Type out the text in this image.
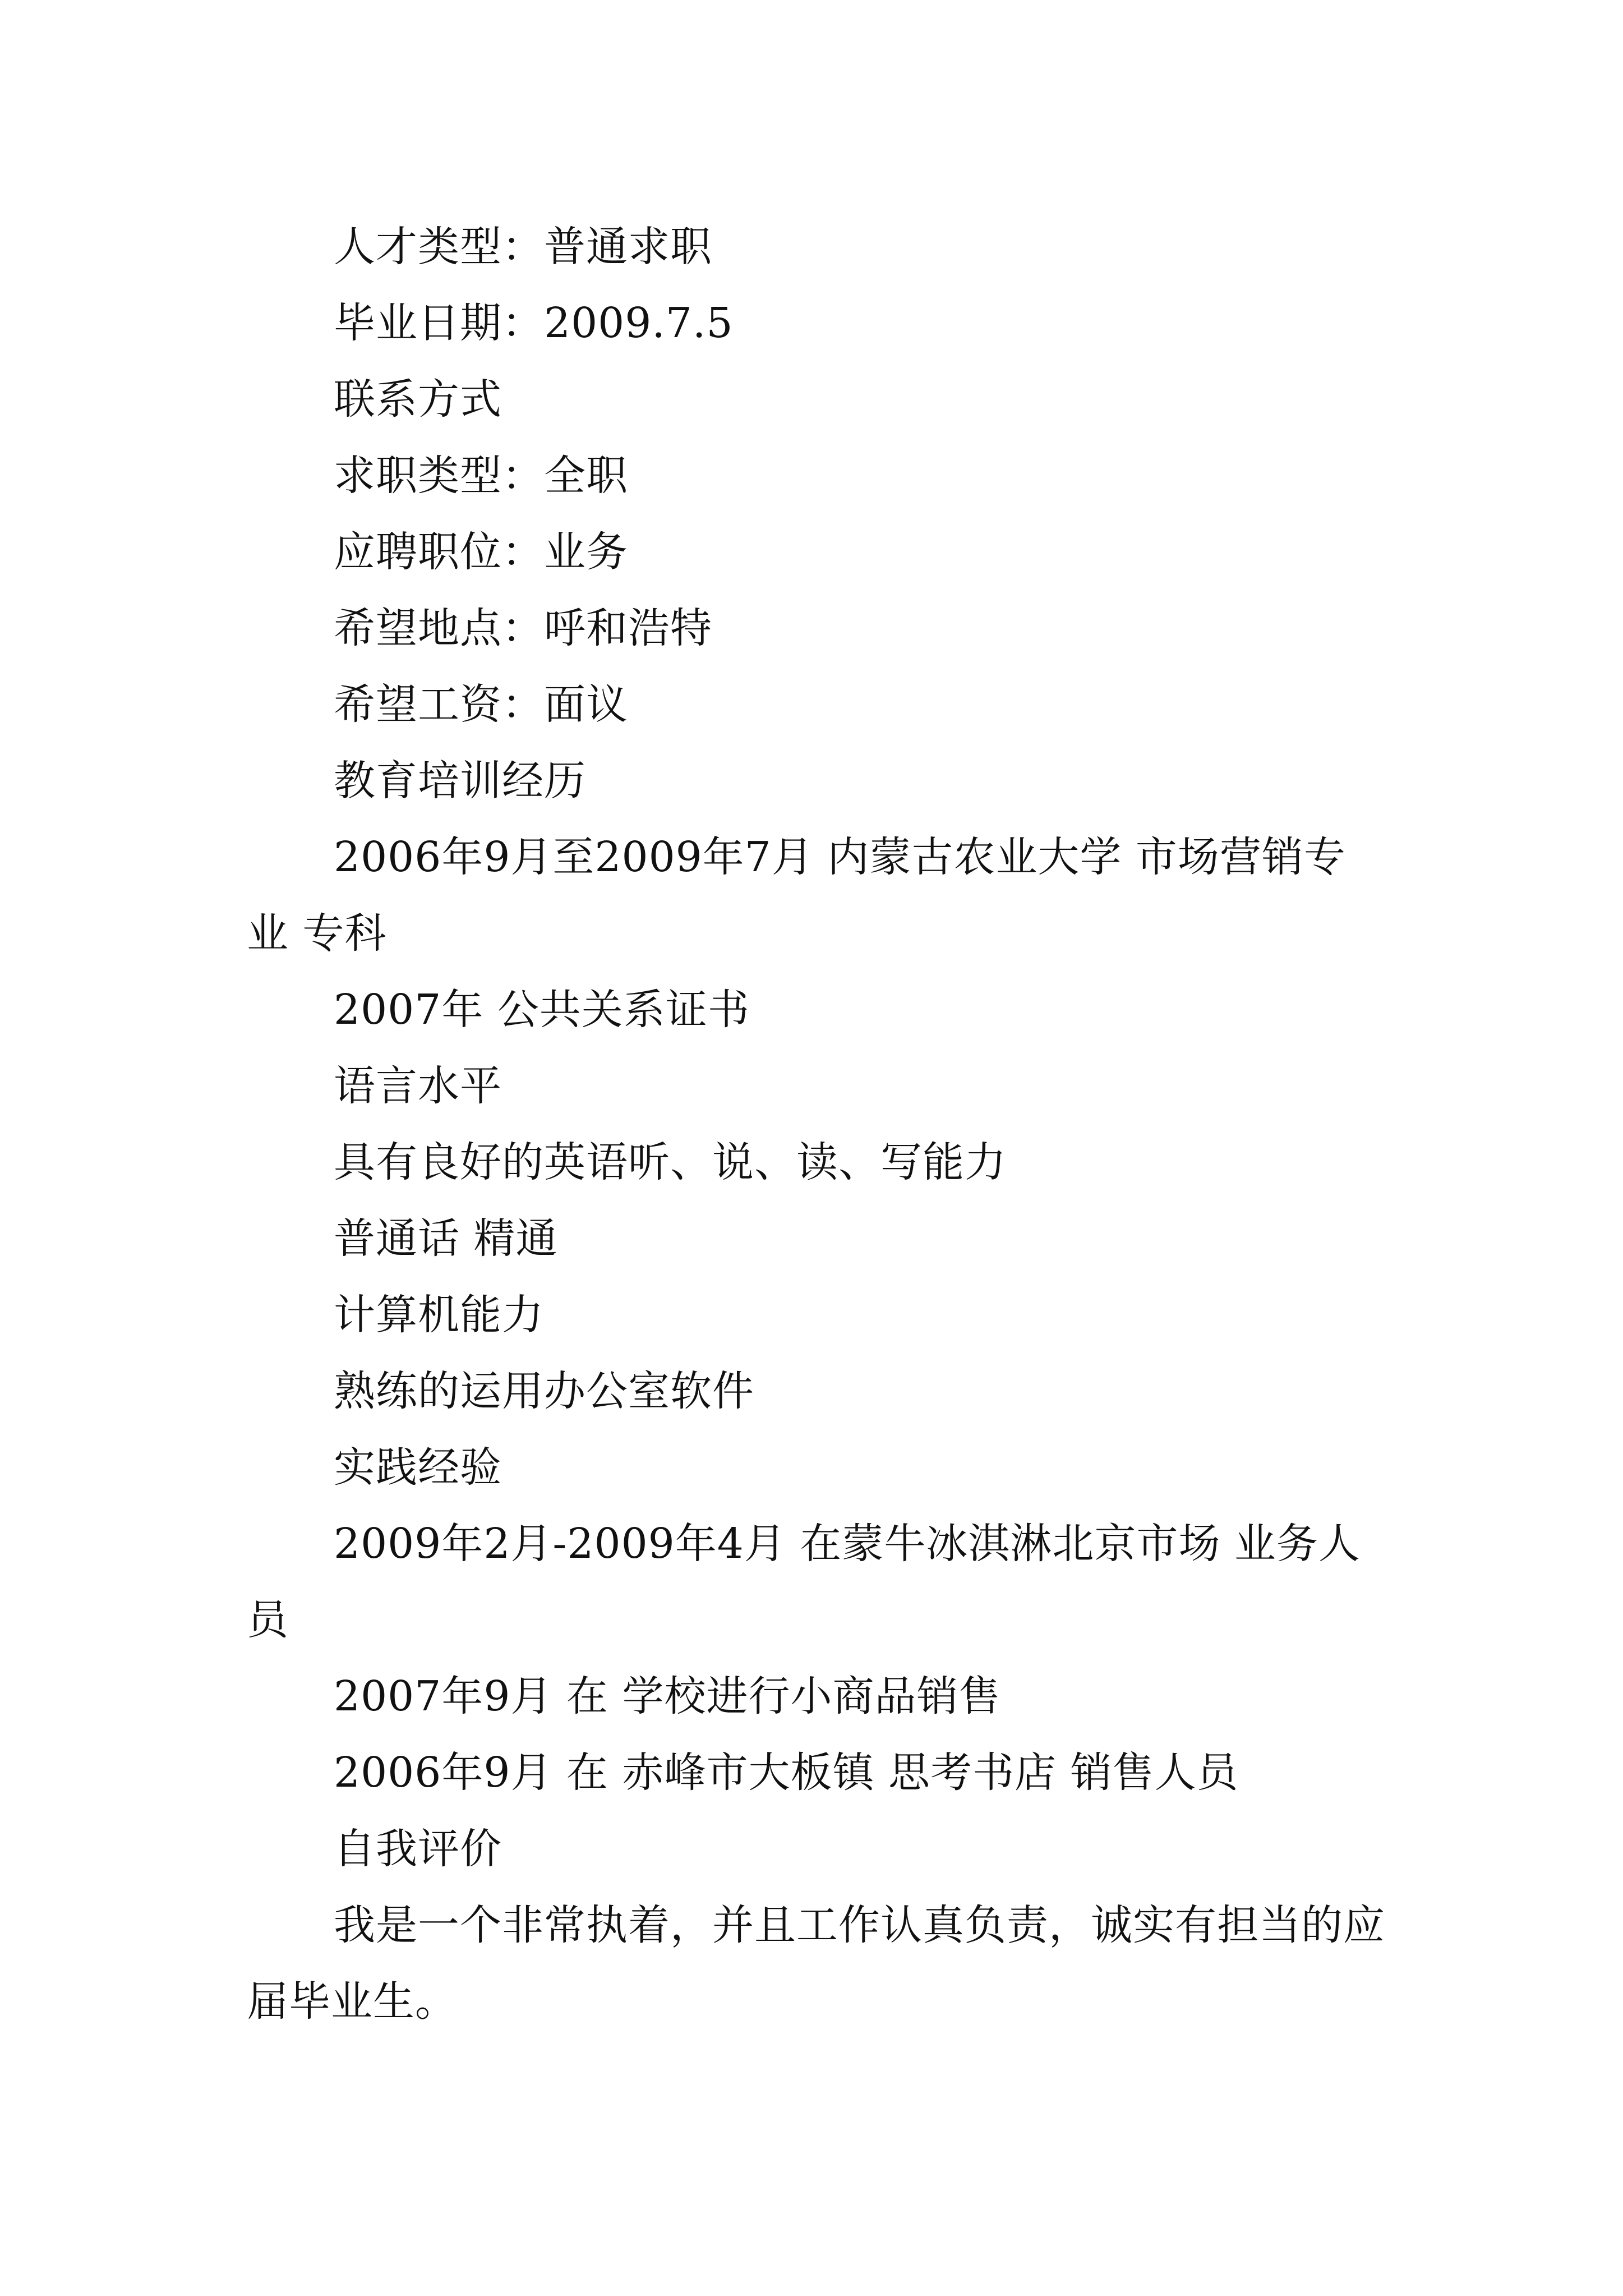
人才类型：普通求职

毕业日期：2009.7.5

联系方式

求职类型：全职

应聘职位：业务

希望地点：呼和浩特

希望工资：面议

教育培训经历

2006年9月至2009年7月 内蒙古农业大学 市场营销专业 专科

2007年 公共关系证书

语言水平

具有良好的英语听、说、读、写能力

普通话 精通

计算机能力

熟练的运用办公室软件

实践经验

2009年2月-2009年4月 在蒙牛冰淇淋北京市场 业务人员

2007年9月 在 学校进行小商品销售

2006年9月 在 赤峰市大板镇 思考书店 销售人员

自我评价

我是一个非常执着，并且工作认真负责，诚实有担当的应届毕业生。
